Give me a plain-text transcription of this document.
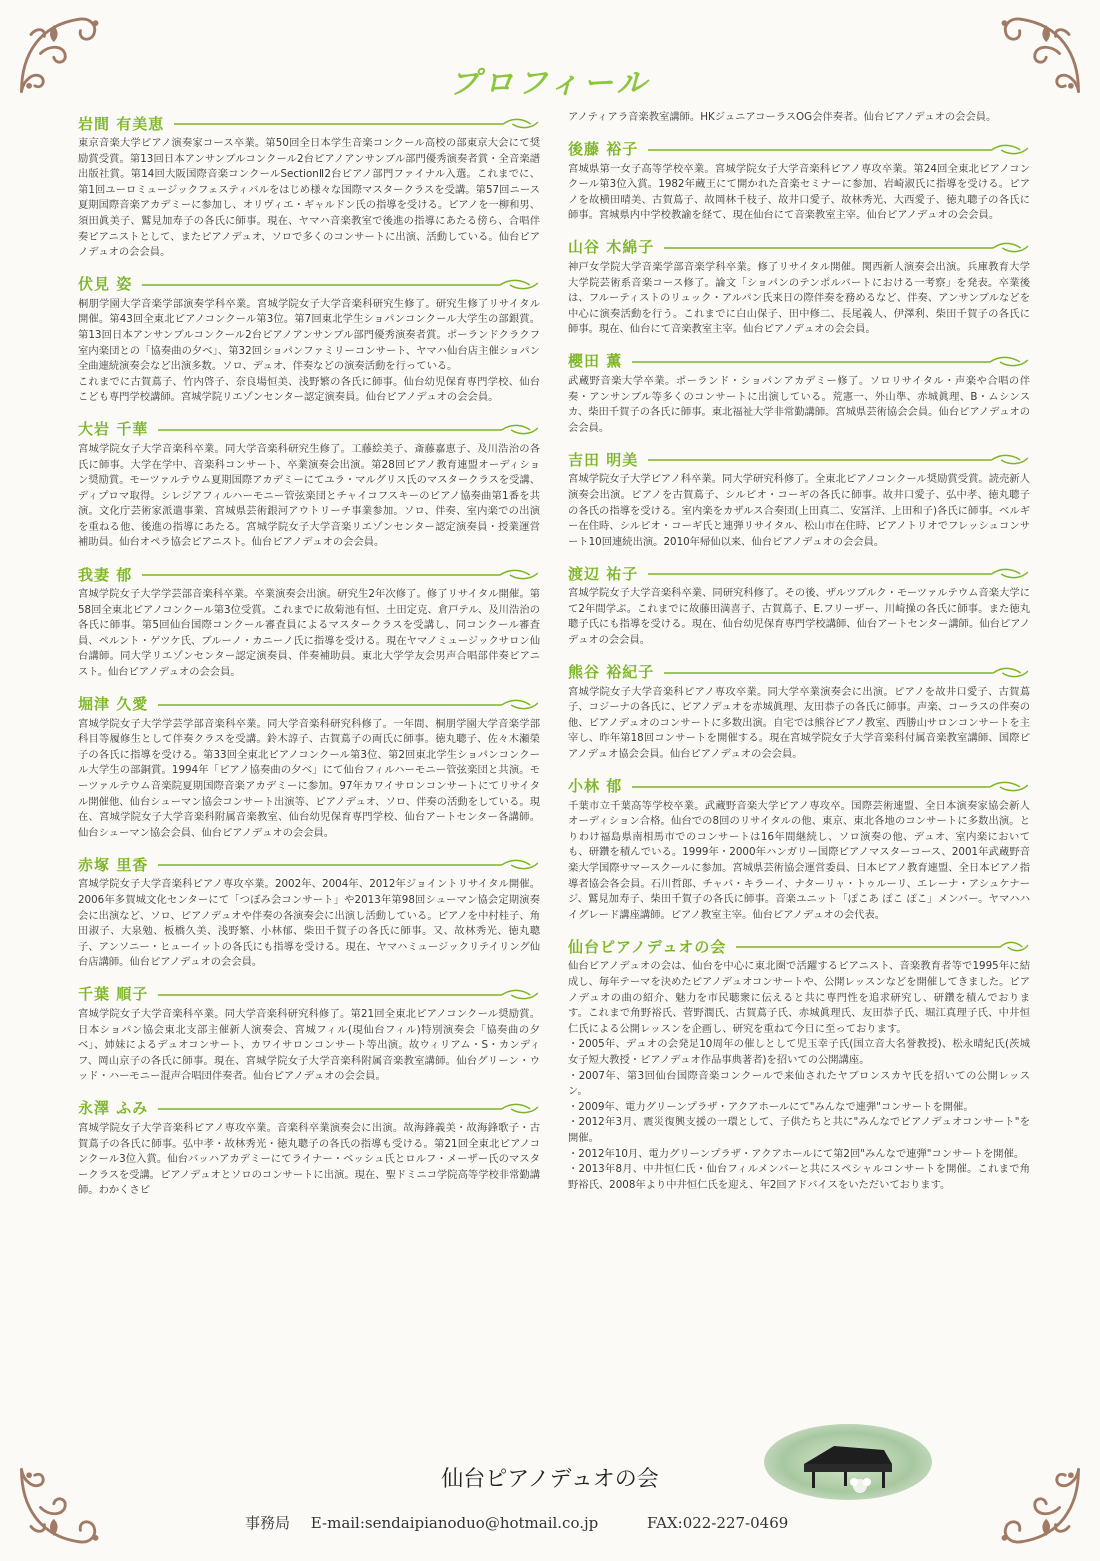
プロフィール
岩間 有美恵

東京音楽大学ピアノ演奏家コース卒業。第50回全日本学生音楽コンクール高校の部東京大会にて奨励賞受賞。第13回日本アンサンブルコンクール2台ピアノアンサンブル部門優秀演奏者賞・全音楽譜出版社賞。第14回大阪国際音楽コンクールSectionⅡ2台ピアノ部門ファイナル入選。これまでに、第1回ユーロミュージックフェスティバルをはじめ様々な国際マスタークラスを受講。第57回ニース夏期国際音楽アカデミーに参加し、オリヴィエ・ギャルドン氏の指導を受ける。ピアノを一柳和男、須田眞美子、鷲見加寿子の各氏に師事。現在、ヤマハ音楽教室で後進の指導にあたる傍ら、合唱伴奏ピアニストとして、またピアノデュオ、ソロで多くのコンサートに出演、活動している。仙台ピアノデュオの会会員。

伏見 姿

桐朋学園大学音楽学部演奏学科卒業。宮城学院女子大学音楽科研究生修了。研究生修了リサイタル開催。第43回全東北ピアノコンクール第3位。第7回東北学生ショパンコンクール大学生の部銀賞。第13回日本アンサンブルコンクール2台ピアノアンサンブル部門優秀演奏者賞。ポーランドクラクフ室内楽団との「協奏曲の夕べ」、第32回ショパンファミリーコンサート、ヤマハ仙台店主催ショパン全曲連続演奏会など出演多数。ソロ、デュオ、伴奏などの演奏活動を行っている。

これまでに古賀蔦子、竹内啓子、奈良場恒美、浅野繁の各氏に師事。仙台幼児保育専門学校、仙台こども専門学校講師。宮城学院リエゾンセンター認定演奏員。仙台ピアノデュオの会会員。

大岩 千華

宮城学院女子大学音楽科卒業。同大学音楽科研究生修了。工藤絵美子、斎藤嘉恵子、及川浩治の各氏に師事。大学在学中、音楽科コンサート、卒業演奏会出演。第28回ピアノ教育連盟オーディション奨励賞。モーツァルテウム夏期国際アカデミーにてユラ・マルグリス氏のマスタークラスを受講、ディプロマ取得。シレジアフィルハーモニー管弦楽団とチャイコフスキーのピアノ協奏曲第1番を共演。文化庁芸術家派遣事業、宮城県芸術銀河アウトリーチ事業参加。ソロ、伴奏、室内楽での出演を重ねる他、後進の指導にあたる。宮城学院女子大学音楽リエゾンセンター認定演奏員・授業運営補助員。仙台オペラ協会ピアニスト。仙台ピアノデュオの会会員。

我妻 郁

宮城学院女子大学学芸部音楽科卒業。卒業演奏会出演。研究生2年次修了。修了リサイタル開催。第58回全東北ピアノコンクール第3位受賞。これまでに故菊池有恒、土田定克、倉戸テル、及川浩治の各氏に師事。第5回仙台国際コンクール審査員によるマスタークラスを受講し、同コンクール審査員、ペルント・ゲツケ氏、ブルーノ・カニーノ氏に指導を受ける。現在ヤマノミュージックサロン仙台講師。同大学リエゾンセンター認定演奏員、伴奏補助員。東北大学学友会男声合唱部伴奏ピアニスト。仙台ピアノデュオの会会員。

堀津 久愛

宮城学院女子大学学芸学部音楽科卒業。同大学音楽科研究科修了。一年間、桐朋学園大学音楽学部科目等履修生として伴奏クラスを受講。鈴木諄子、古賀蔦子の両氏に師事。徳丸聰子、佐々木瀬榮子の各氏に指導を受ける。第33回全東北ピアノコンクール第3位、第2回東北学生ショパンコンクール大学生の部銅賞。1994年「ピアノ協奏曲の夕べ」にて仙台フィルハーモニー管弦楽団と共演。モーツァルテウム音楽院夏期国際音楽アカデミーに参加。97年カワイサロンコンサートにてリサイタル開催他、仙台シューマン協会コンサート出演等、ピアノデュオ、ソロ、伴奏の活動をしている。現在、宮城学院女子大学音楽科附属音楽教室、仙台幼児保育専門学校、仙台アートセンター各講師。仙台シューマン協会会員、仙台ピアノデュオの会会員。

赤塚 里香

宮城学院女子大学音楽科ピアノ専攻卒業。2002年、2004年、2012年ジョイントリサイタル開催。2006年多賀城文化センターにて「つぼみ会コンサート」や2013年第98回シューマン協会定期演奏会に出演など、ソロ、ピアノデュオや伴奏の各演奏会に出演し活動している。ピアノを中村桂子、角田淑子、大泉勉、板橋久美、浅野繁、小林郁、柴田千賀子の各氏に師事。又、故林秀光、徳丸聰子、アンソニー・ヒューイットの各氏にも指導を受ける。現在、ヤマハミュージックリテイリング仙台店講師。仙台ピアノデュオの会会員。

千葉 順子

宮城学院女子大学音楽科卒業。同大学音楽科研究科修了。第21回全東北ピアノコンクール奨励賞。日本ショパン協会東北支部主催新人演奏会、宮城フィル(現仙台フィル)特別演奏会「協奏曲の夕べ」、姉妹によるデュオコンサート、カワイサロンコンサート等出演。故ウィリアム・S・カンディフ、岡山京子の各氏に師事。現在、宮城学院女子大学音楽科附属音楽教室講師。仙台グリーン・ウッド・ハーモニー混声合唱団伴奏者。仙台ピアノデュオの会会員。

永澤 ふみ

宮城学院女子大学音楽科ピアノ専攻卒業。音楽科卒業演奏会に出演。故海鋒義美・故海鋒歌子・古賀蔦子の各氏に師事。弘中孝・故林秀光・徳丸聰子の各氏の指導も受ける。第21回全東北ピアノコンクール3位入賞。仙台バッハアカデミーにてライナー・ベッシュ氏とロルフ・メーザー氏のマスタークラスを受講。ピアノデュオとソロのコンサートに出演。現在、聖ドミニコ学院高等学校非常勤講師。わかくさピ

アノティアラ音楽教室講師。HKジュニアコーラスOG会伴奏者。仙台ピアノデュオの会会員。
後藤 裕子

宮城県第一女子高等学校卒業。宮城学院女子大学音楽科ピアノ専攻卒業。第24回全東北ピアノコンクール第3位入賞。1982年蔵王にて開かれた音楽セミナーに参加、岩崎淑氏に指導を受ける。ピアノを故横田晴美、古賀蔦子、故岡林千枝子、故井口愛子、故林秀光、大西愛子、徳丸聰子の各氏に師事。宮城県内中学校教諭を経て、現在仙台にて音楽教室主宰。仙台ピアノデュオの会会員。

山谷 木綿子

神戸女学院大学音楽学部音楽学科卒業。修了リサイタル開催。関西新人演奏会出演。兵庫教育大学大学院芸術系音楽コース修了。論文「ショパンのテンポルバートにおける一考察」を発表。卒業後は、フルーティストのリュック・アルパン氏来日の際伴奏を務めるなど、伴奏、アンサンブルなどを中心に演奏活動を行う。これまでに白山保子、田中修二、長尾義人、伊澤利、柴田千賀子の各氏に師事。現在、仙台にて音楽教室主宰。仙台ピアノデュオの会会員。

櫻田 薫

武蔵野音楽大学卒業。ポーランド・ショパンアカデミー修了。ソロリサイタル・声楽や合唱の伴奏・アンサンブル等多くのコンサートに出演している。荒憲一、外山準、赤城眞理、B・ムシンスカ、柴田千賀子の各氏に師事。東北福祉大学非常勤講師。宮城県芸術協会会員。仙台ピアノデュオの会会員。

吉田 明美

宮城学院女子大学ピアノ科卒業。同大学研究科修了。全東北ピアノコンクール奨励賞受賞。読売新人演奏会出演。ピアノを古賀蔦子、シルピオ・コーギの各氏に師事。故井口愛子、弘中孝、徳丸聰子の各氏の指導を受ける。室内楽をカザルス合奏団(上田真二、安冨洋、上田和子)各氏に師事。ベルギー在住時、シルピオ・コーギ氏と連弾リサイタル、松山市在住時、ピアノトリオでフレッシュコンサート10回連続出演。2010年帰仙以来、仙台ピアノデュオの会会員。

渡辺 祐子

宮城学院女子大学音楽科卒業、同研究科修了。その後、ザルツブルク・モーツァルテウム音楽大学にて2年間学ぶ。これまでに故藤田満喜子、古賀蔦子、E.フリーザー、川崎操の各氏に師事。また徳丸聰子氏にも指導を受ける。現在、仙台幼児保育専門学校講師、仙台アートセンター講師。仙台ピアノデュオの会会員。

熊谷 裕紀子

宮城学院女子大学音楽科ピアノ専攻卒業。同大学卒業演奏会に出演。ピアノを故井口愛子、古賀蔦子、コジーナの各氏に、ピアノデュオを赤城眞理、友田恭子の各氏に師事。声楽、コーラスの伴奏の他、ピアノデュオのコンサートに多数出演。自宅では熊谷ピアノ教室、西勝山サロンコンサートを主宰し、昨年第18回コンサートを開催する。現在宮城学院女子大学音楽科付属音楽教室講師、国際ピアノデュオ協会会員。仙台ピアノデュオの会会員。

小林 郁

千葉市立千葉高等学校卒業。武蔵野音楽大学ピアノ専攻卒。国際芸術連盟、全日本演奏家協会新人オーディション合格。仙台での8回のリサイタルの他、東京、東北各地のコンサートに多数出演。とりわけ福島県南相馬市でのコンサートは16年間継続し、ソロ演奏の他、デュオ、室内楽においても、研鑽を積んでいる。1999年・2000年ハンガリー国際ピアノマスターコース、2001年武蔵野音楽大学国際サマースクールに参加。宮城県芸術協会運営委員、日本ピアノ教育連盟、全日本ピアノ指導者協会各会員。石川哲郎、チャバ・キラーイ、ナターリャ・トゥルーリ、エレーナ・アシュケナージ、鷲見加寿子、柴田千賀子の各氏に師事。音楽ユニット「ぽこあ ぽこ ぽこ」メンバー。ヤマハハイグレード講座講師。ピアノ教室主宰。仙台ピアノデュオの会代表。

仙台ピアノデュオの会

仙台ピアノデュオの会は、仙台を中心に東北圏で活躍するピアニスト、音楽教育者等で1995年に結成し、毎年テーマを決めたピアノデュオコンサートや、公開レッスンなどを開催してきました。ピアノデュオの曲の紹介、魅力を市民聴衆に伝えると共に専門性を追求研究し、研鑽を積んでおります。これまで角野裕氏、菅野潤氏、古賀蔦子氏、赤城眞理氏、友田恭子氏、堀江真理子氏、中井恒仁氏による公開レッスンを企画し、研究を重ねて今日に至っております。

・2005年、デュオの会発足10周年の催しとして児玉幸子氏(国立音大名誉教授)、松永晴紀氏(茨城女子短大教授・ピアノデュオ作品事典著者)を招いての公開講座。

・2007年、第3回仙台国際音楽コンクールで来仙されたヤブロンスカヤ氏を招いての公開レッスン。

・2009年、電力グリーンプラザ・アクアホールにて"みんなで連弾"コンサートを開催。

・2012年3月、震災復興支援の一環として、子供たちと共に"みんなでピアノデュオコンサート"を開催。

・2012年10月、電力グリーンプラザ・アクアホールにて第2回"みんなで連弾"コンサートを開催。

・2013年8月、中井恒仁氏・仙台フィルメンバーと共にスペシャルコンサートを開催。これまで角野裕氏、2008年より中井恒仁氏を迎え、年2回アドバイスをいただいております。

仙台ピアノデュオの会
事務局 E-mail:sendaipianoduo@hotmail.co.jp	FAX:022-227-0469
